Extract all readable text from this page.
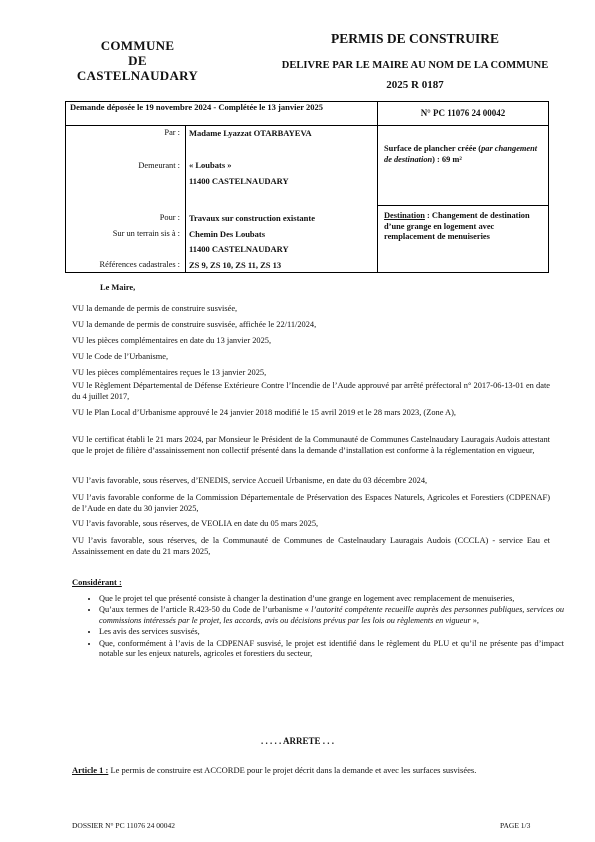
COMMUNE
DE
CASTELNAUDARY
PERMIS DE CONSTRUIRE
DELIVRE PAR LE MAIRE AU NOM DE LA COMMUNE
2025 R 0187
Demande déposée le 19 novembre 2024 - Complétée le 13 janvier 2025
N° PC 11076 24 00042
Par : Madame Lyazzat OTARBAYEVA
Demeurant : « Loubats »
11400 CASTELNAUDARY
Pour : Travaux sur construction existante
Sur un terrain sis à : Chemin Des Loubats
11400 CASTELNAUDARY
Références cadastrales : ZS 9, ZS 10, ZS 11, ZS 13
Surface de plancher créée (par changement de destination) : 69 m²
Destination : Changement de destination d’une grange en logement avec remplacement de menuiseries
Le Maire,
VU la demande de permis de construire susvisée,
VU la demande de permis de construire susvisée, affichée le 22/11/2024,
VU les pièces complémentaires en date du 13 janvier 2025,
VU le Code de l’Urbanisme,
VU les pièces complémentaires reçues le 13 janvier 2025,
VU le Règlement Départemental de Défense Extérieure Contre l’Incendie de l’Aude approuvé par arrêté préfectoral n° 2017-06-13-01 en date du 4 juillet 2017,
VU le Plan Local d’Urbanisme approuvé le 24 janvier 2018 modifié le 15 avril 2019 et le 28 mars 2023, (Zone A),
VU le certificat établi le 21 mars 2024, par Monsieur le Président de la Communauté de Communes Castelnaudary Lauragais Audois attestant que le projet de filière d’assainissement non collectif présenté dans la demande d’installation est conforme à la réglementation en vigueur,
VU l’avis favorable, sous réserves, d’ENEDIS, service Accueil Urbanisme, en date du 03 décembre 2024,
VU l’avis favorable conforme de la Commission Départementale de Préservation des Espaces Naturels, Agricoles et Forestiers (CDPENAF) de l’Aude en date du 30 janvier 2025,
VU l’avis favorable, sous réserves, de VEOLIA en date du 05 mars 2025,
VU l’avis favorable, sous réserves, de la Communauté de Communes de Castelnaudary Lauragais Audois (CCCLA) - service Eau et Assainissement en date du 21 mars 2025,
Considérant :
• Que le projet tel que présenté consiste à changer la destination d’une grange en logement avec remplacement de menuiseries,
• Qu’aux termes de l’article R.423-50 du Code de l’urbanisme « l’autorité compétente recueille auprès des personnes publiques, services ou commissions intéressés par le projet, les accords, avis ou décisions prévus par les lois ou règlements en vigueur »,
• Les avis des services susvisés,
• Que, conformément à l’avis de la CDPENAF susvisé, le projet est identifié dans le règlement du PLU et qu’il ne présente pas d’impact notable sur les enjeux naturels, agricoles et forestiers du secteur,
. . . . . ARRETE . . .
Article 1 : Le permis de construire est ACCORDE pour le projet décrit dans la demande et avec les surfaces susvisées.
DOSSIER N° PC 11076 24 00042	PAGE 1/3
